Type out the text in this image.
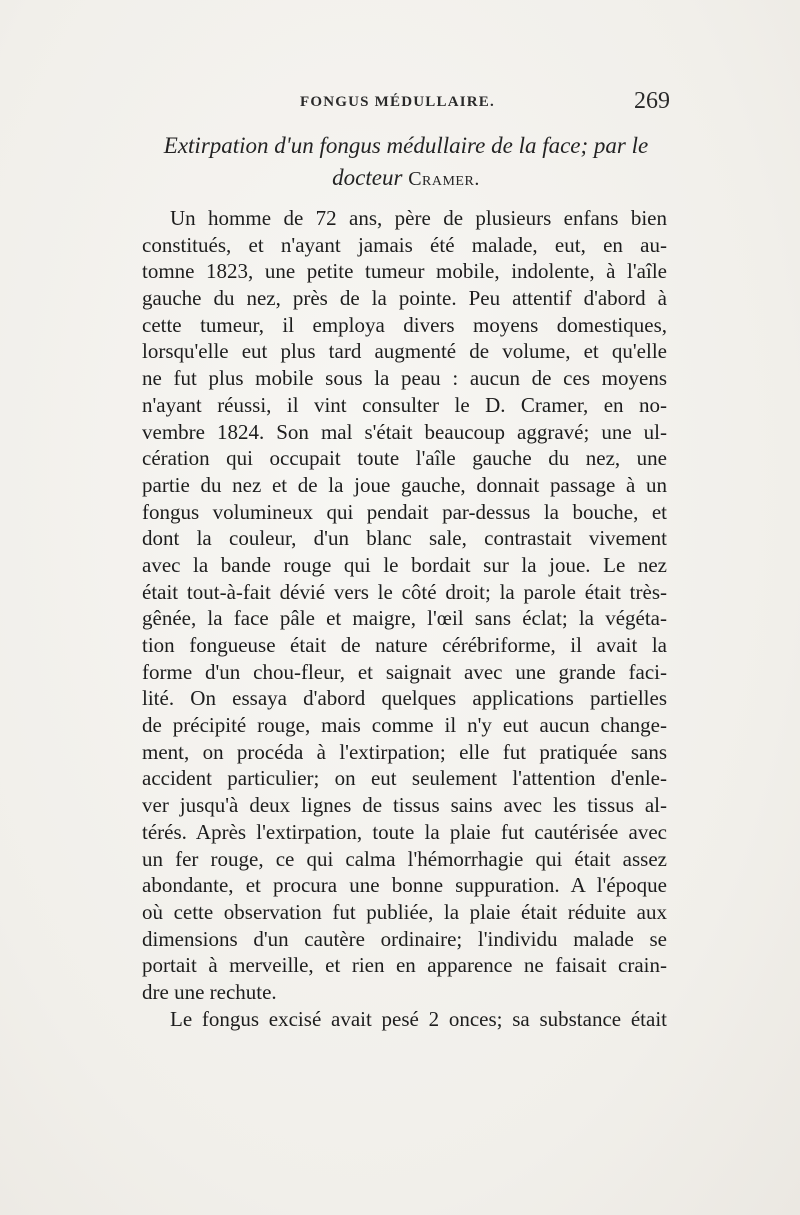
FONGUS MÉDULLAIRE.	269
Extirpation d'un fongus médullaire de la face; par le
docteur Cramer.
Un homme de 72 ans, père de plusieurs enfans bien
constitués, et n'ayant jamais été malade, eut, en au-
tomne 1823, une petite tumeur mobile, indolente, à l'aîle
gauche du nez, près de la pointe. Peu attentif d'abord à
cette tumeur, il employa divers moyens domestiques,
lorsqu'elle eut plus tard augmenté de volume, et qu'elle
ne fut plus mobile sous la peau : aucun de ces moyens
n'ayant réussi, il vint consulter le D. Cramer, en no-
vembre 1824. Son mal s'était beaucoup aggravé; une ul-
cération qui occupait toute l'aîle gauche du nez, une
partie du nez et de la joue gauche, donnait passage à un
fongus volumineux qui pendait par-dessus la bouche, et
dont la couleur, d'un blanc sale, contrastait vivement
avec la bande rouge qui le bordait sur la joue. Le nez
était tout-à-fait dévié vers le côté droit; la parole était très-
gênée, la face pâle et maigre, l'œil sans éclat; la végéta-
tion fongueuse était de nature cérébriforme, il avait la
forme d'un chou-fleur, et saignait avec une grande faci-
lité. On essaya d'abord quelques applications partielles
de précipité rouge, mais comme il n'y eut aucun change-
ment, on procéda à l'extirpation; elle fut pratiquée sans
accident particulier; on eut seulement l'attention d'enle-
ver jusqu'à deux lignes de tissus sains avec les tissus al-
térés. Après l'extirpation, toute la plaie fut cautérisée avec
un fer rouge, ce qui calma l'hémorrhagie qui était assez
abondante, et procura une bonne suppuration. A l'époque
où cette observation fut publiée, la plaie était réduite aux
dimensions d'un cautère ordinaire; l'individu malade se
portait à merveille, et rien en apparence ne faisait crain-
dre une rechute.
Le fongus excisé avait pesé 2 onces; sa substance était
